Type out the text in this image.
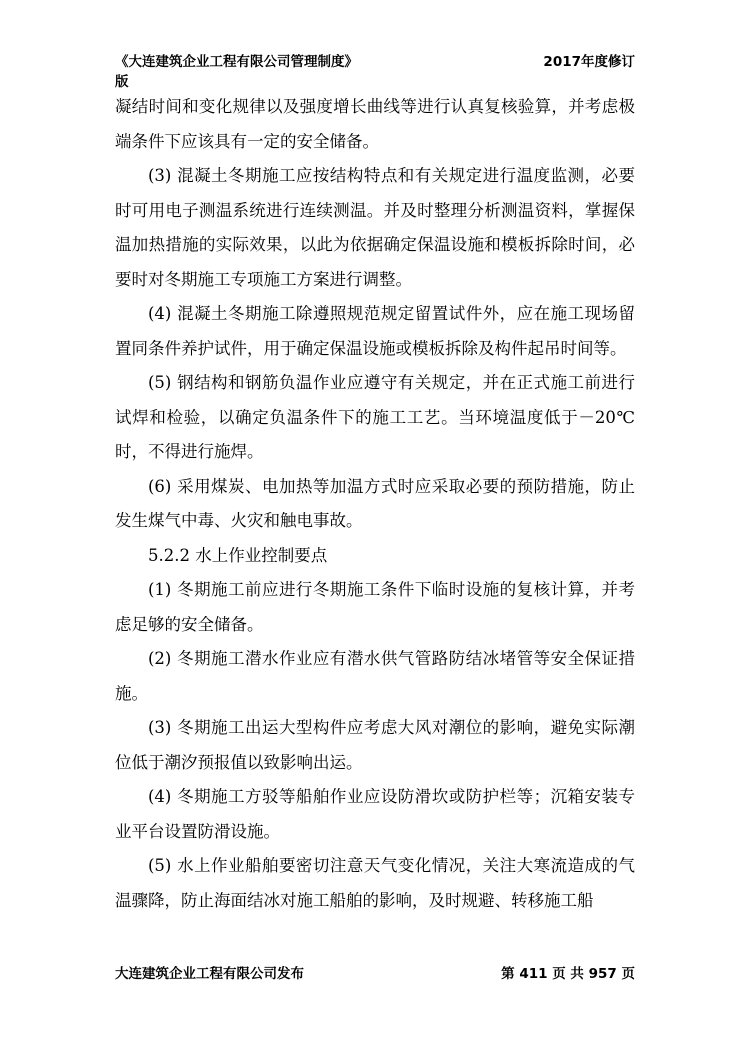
《大连建筑企业工程有限公司管理制度》	2017年度修订
版

凝结时间和变化规律以及强度增长曲线等进行认真复核验算，并考虑极端条件下应该具有一定的安全储备。

(3) 混凝土冬期施工应按结构特点和有关规定进行温度监测，必要时可用电子测温系统进行连续测温。并及时整理分析测温资料，掌握保温加热措施的实际效果，以此为依据确定保温设施和模板拆除时间，必要时对冬期施工专项施工方案进行调整。

(4) 混凝土冬期施工除遵照规范规定留置试件外，应在施工现场留置同条件养护试件，用于确定保温设施或模板拆除及构件起吊时间等。

(5) 钢结构和钢筋负温作业应遵守有关规定，并在正式施工前进行试焊和检验，以确定负温条件下的施工工艺。当环境温度低于－20℃时，不得进行施焊。

(6) 采用煤炭、电加热等加温方式时应采取必要的预防措施，防止发生煤气中毒、火灾和触电事故。

5.2.2 水上作业控制要点

(1) 冬期施工前应进行冬期施工条件下临时设施的复核计算，并考虑足够的安全储备。

(2) 冬期施工潜水作业应有潜水供气管路防结冰堵管等安全保证措施。

(3) 冬期施工出运大型构件应考虑大风对潮位的影响，避免实际潮位低于潮汐预报值以致影响出运。

(4) 冬期施工方驳等船舶作业应设防滑坎或防护栏等；沉箱安装专业平台设置防滑设施。

(5) 水上作业船舶要密切注意天气变化情况，关注大寒流造成的气温骤降，防止海面结冰对施工船舶的影响，及时规避、转移施工船

大连建筑企业工程有限公司发布	第 411 页 共 957 页
